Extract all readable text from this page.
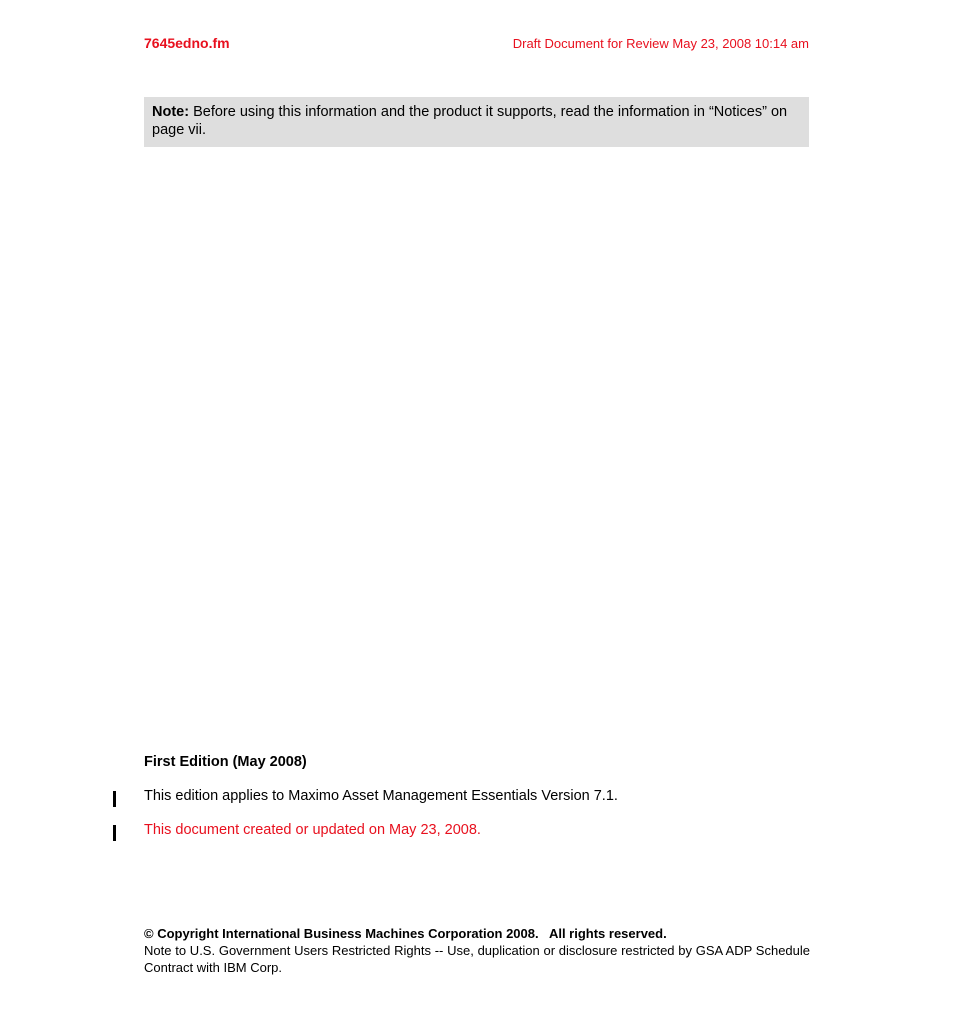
7645edno.fm	Draft Document for Review May 23, 2008 10:14 am
Note: Before using this information and the product it supports, read the information in “Notices” on page vii.
First Edition (May 2008)
This edition applies to Maximo Asset Management Essentials Version 7.1.
This document created or updated on May 23, 2008.
© Copyright International Business Machines Corporation 2008.   All rights reserved.
Note to U.S. Government Users Restricted Rights -- Use, duplication or disclosure restricted by GSA ADP Schedule Contract with IBM Corp.
